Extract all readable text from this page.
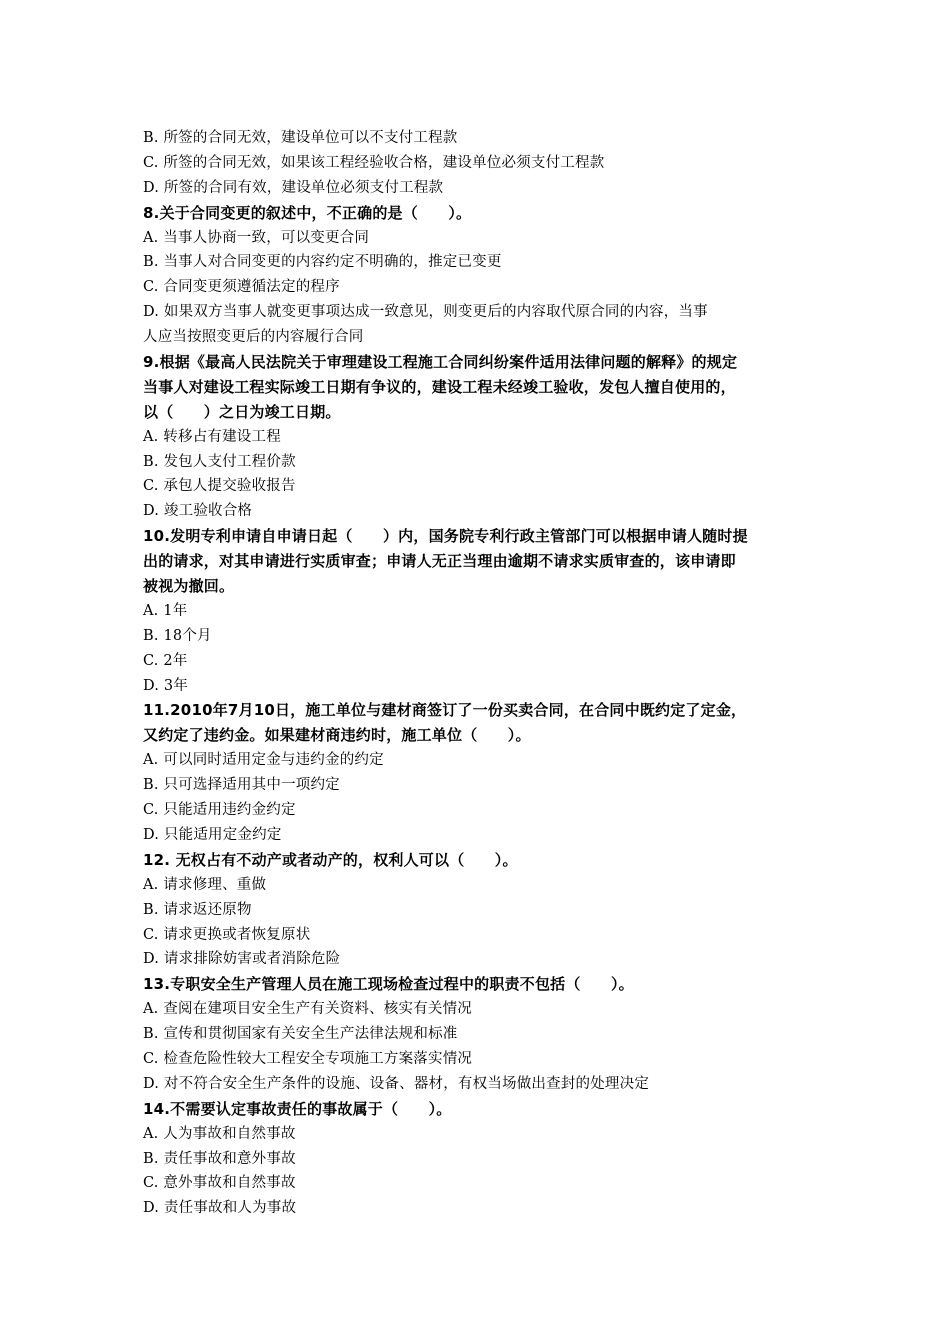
B. 所签的合同无效，建设单位可以不支付工程款
C. 所签的合同无效，如果该工程经验收合格，建设单位必须支付工程款
D. 所签的合同有效，建设单位必须支付工程款
8.关于合同变更的叙述中，不正确的是（　　）。
A. 当事人协商一致，可以变更合同
B. 当事人对合同变更的内容约定不明确的，推定已变更
C. 合同变更须遵循法定的程序
D. 如果双方当事人就变更事项达成一致意见，则变更后的内容取代原合同的内容，当事
人应当按照变更后的内容履行合同
9.根据《最高人民法院关于审理建设工程施工合同纠纷案件适用法律问题的解释》的规定
当事人对建设工程实际竣工日期有争议的，建设工程未经竣工验收，发包人擅自使用的，
以（　　）之日为竣工日期。
A. 转移占有建设工程
B. 发包人支付工程价款
C. 承包人提交验收报告
D. 竣工验收合格
10.发明专利申请自申请日起（　　）内，国务院专利行政主管部门可以根据申请人随时提
出的请求，对其申请进行实质审查；申请人无正当理由逾期不请求实质审查的，该申请即
被视为撤回。
A. 1年
B. 18个月
C. 2年
D. 3年
11.2010年7月10日，施工单位与建材商签订了一份买卖合同，在合同中既约定了定金，
又约定了违约金。如果建材商违约时，施工单位（　　）。
A. 可以同时适用定金与违约金的约定
B. 只可选择适用其中一项约定
C. 只能适用违约金约定
D. 只能适用定金约定
12. 无权占有不动产或者动产的，权利人可以（　　）。
A. 请求修理、重做
B. 请求返还原物
C. 请求更换或者恢复原状
D. 请求排除妨害或者消除危险
13.专职安全生产管理人员在施工现场检查过程中的职责不包括（　　）。
A. 查阅在建项目安全生产有关资料、核实有关情况
B. 宣传和贯彻国家有关安全生产法律法规和标准
C. 检查危险性较大工程安全专项施工方案落实情况
D. 对不符合安全生产条件的设施、设备、器材，有权当场做出查封的处理决定
14.不需要认定事故责任的事故属于（　　）。
A. 人为事故和自然事故
B. 责任事故和意外事故
C. 意外事故和自然事故
D. 责任事故和人为事故
